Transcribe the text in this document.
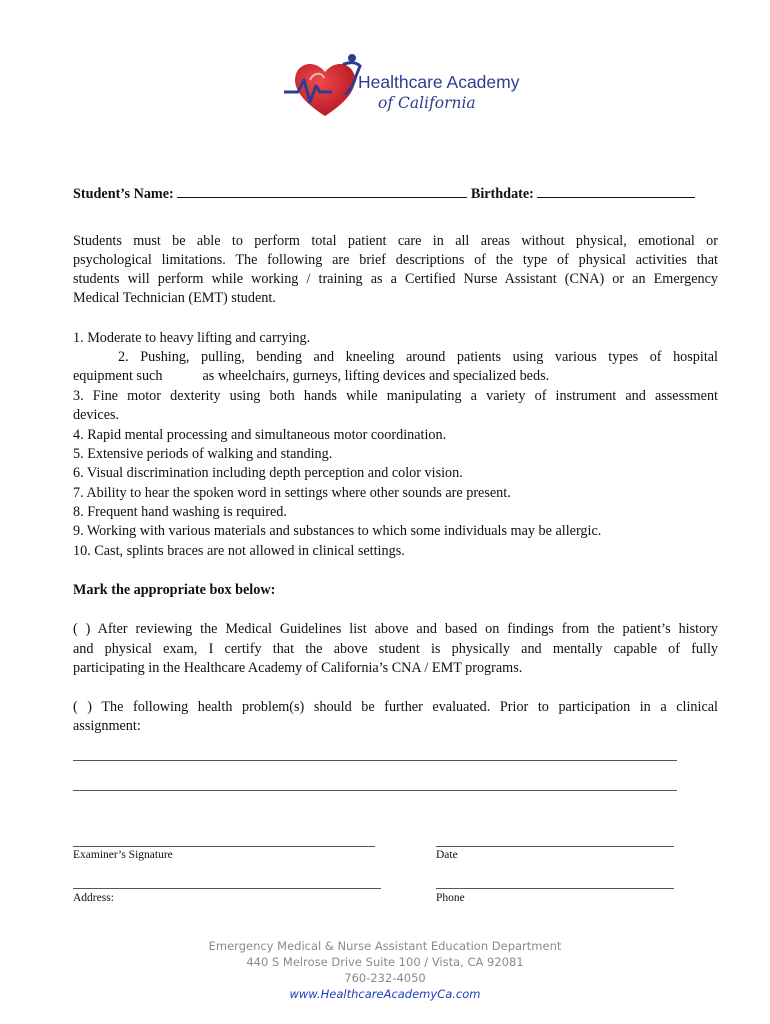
Healthcare Academy
of California
Student’s Name:	Birthdate:
Students must be able to perform total patient care in all areas without physical, emotional or
psychological limitations. The following are brief descriptions of the type of physical activities that
students will perform while working / training as a Certified Nurse Assistant (CNA) or an Emergency
Medical Technician (EMT) student.
1. Moderate to heavy lifting and carrying.
2. Pushing, pulling, bending and kneeling around patients using various types of hospital
equipment such	as wheelchairs, gurneys, lifting devices and specialized beds.
3. Fine motor dexterity using both hands while manipulating a variety of instrument and assessment
devices.
4. Rapid mental processing and simultaneous motor coordination.
5. Extensive periods of walking and standing.
6. Visual discrimination including depth perception and color vision.
7. Ability to hear the spoken word in settings where other sounds are present.
8. Frequent hand washing is required.
9. Working with various materials and substances to which some individuals may be allergic.
10. Cast, splints braces are not allowed in clinical settings.
Mark the appropriate box below:
( ) After reviewing the Medical Guidelines list above and based on findings from the patient’s history
and physical exam, I certify that the above student is physically and mentally capable of fully
participating in the Healthcare Academy of California’s CNA / EMT programs.
( ) The following health problem(s) should be further evaluated. Prior to participation in a clinical
assignment:
Examiner’s Signature	Date
Address:	Phone
Emergency Medical & Nurse Assistant Education Department
440 S Melrose Drive Suite 100 / Vista, CA 92081
760-232-4050
www.HealthcareAcademyCa.com
